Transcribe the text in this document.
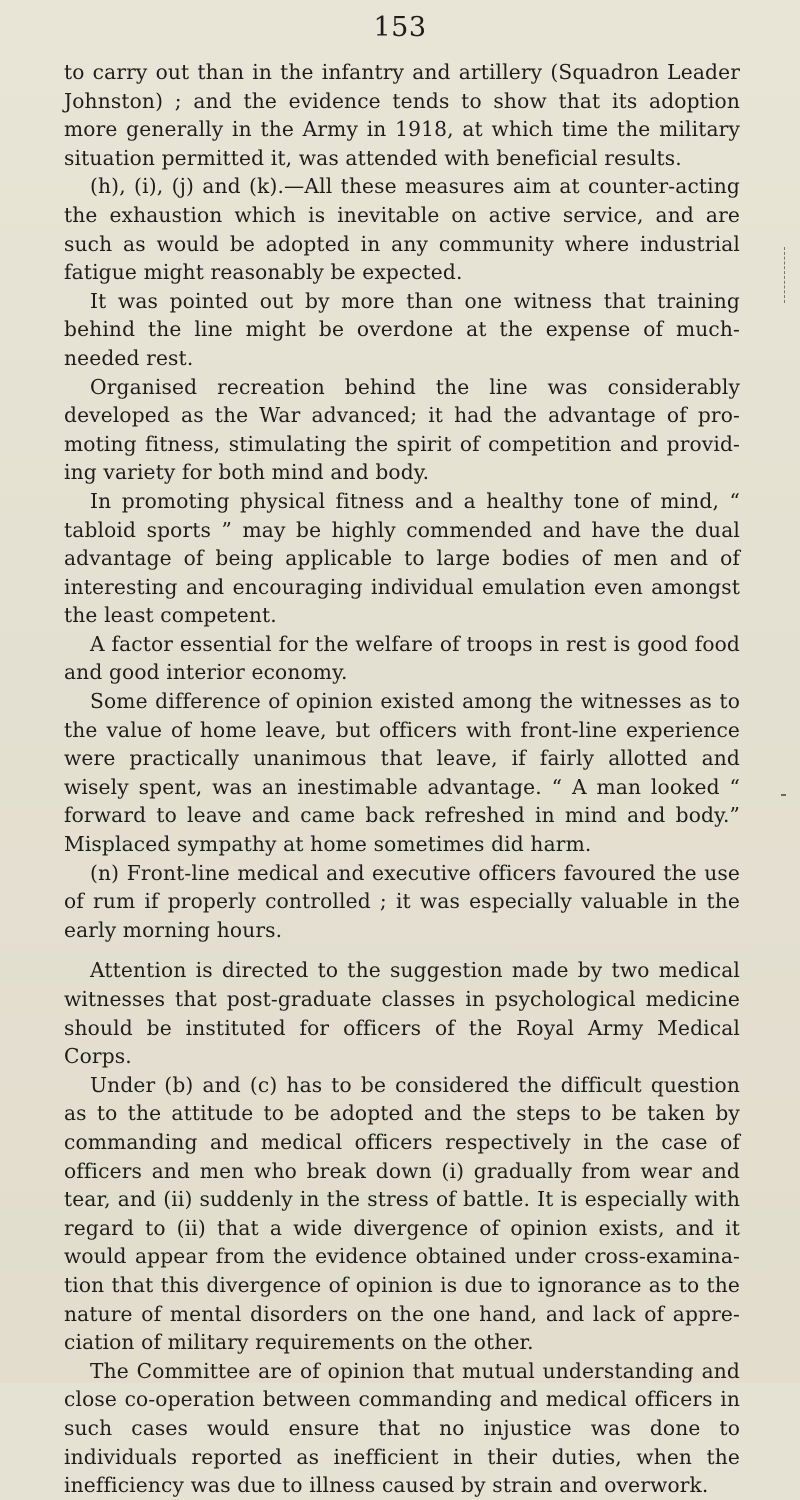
153

to carry out than in the infantry and artillery (Squadron Leader Johnston) ; and the evidence tends to show that its adoption more generally in the Army in 1918, at which time the military situation permitted it, was attended with beneficial results.

(h), (i), (j) and (k).—All these measures aim at counter-acting the exhaustion which is inevitable on active service, and are such as would be adopted in any community where industrial fatigue might reasonably be expected.

It was pointed out by more than one witness that training behind the line might be overdone at the expense of much-needed rest.

Organised recreation behind the line was considerably developed as the War advanced; it had the advantage of pro-moting fitness, stimulating the spirit of competition and provid-ing variety for both mind and body.

In promoting physical fitness and a healthy tone of mind, “ tabloid sports ” may be highly commended and have the dual advantage of being applicable to large bodies of men and of interesting and encouraging individual emulation even amongst the least competent.

A factor essential for the welfare of troops in rest is good food and good interior economy.

Some difference of opinion existed among the witnesses as to the value of home leave, but officers with front-line experience were practically unanimous that leave, if fairly allotted and wisely spent, was an inestimable advantage. “ A man looked “ forward to leave and came back refreshed in mind and body.” Misplaced sympathy at home sometimes did harm.

(n) Front-line medical and executive officers favoured the use of rum if properly controlled ; it was especially valuable in the early morning hours.

Attention is directed to the suggestion made by two medical witnesses that post-graduate classes in psychological medicine should be instituted for officers of the Royal Army Medical Corps.

Under (b) and (c) has to be considered the difficult question as to the attitude to be adopted and the steps to be taken by commanding and medical officers respectively in the case of officers and men who break down (i) gradually from wear and tear, and (ii) suddenly in the stress of battle. It is especially with regard to (ii) that a wide divergence of opinion exists, and it would appear from the evidence obtained under cross-examina-tion that this divergence of opinion is due to ignorance as to the nature of mental disorders on the one hand, and lack of appre-ciation of military requirements on the other.

The Committee are of opinion that mutual understanding and close co-operation between commanding and medical officers in such cases would ensure that no injustice was done to individuals reported as inefficient in their duties, when the inefficiency was due to illness caused by strain and overwork.
